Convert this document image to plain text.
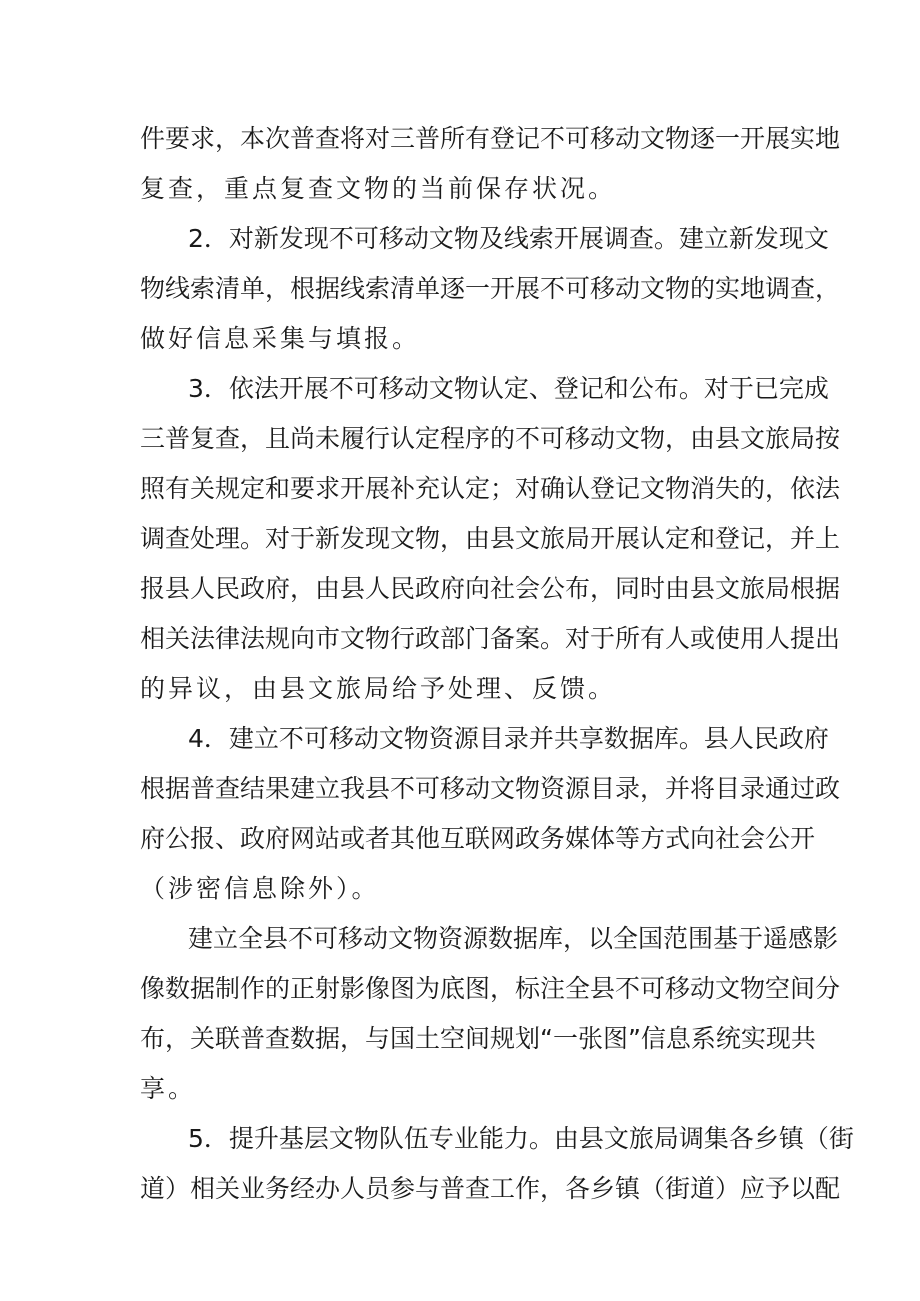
件要求，本次普查将对三普所有登记不可移动文物逐一开展实地
复查，重点复查文物的当前保存状况。
2．对新发现不可移动文物及线索开展调查。建立新发现文
物线索清单，根据线索清单逐一开展不可移动文物的实地调查，
做好信息采集与填报。
3．依法开展不可移动文物认定、登记和公布。对于已完成
三普复查，且尚未履行认定程序的不可移动文物，由县文旅局按
照有关规定和要求开展补充认定；对确认登记文物消失的，依法
调查处理。对于新发现文物，由县文旅局开展认定和登记，并上
报县人民政府，由县人民政府向社会公布，同时由县文旅局根据
相关法律法规向市文物行政部门备案。对于所有人或使用人提出
的异议，由县文旅局给予处理、反馈。
4．建立不可移动文物资源目录并共享数据库。县人民政府
根据普查结果建立我县不可移动文物资源目录，并将目录通过政
府公报、政府网站或者其他互联网政务媒体等方式向社会公开
（涉密信息除外）。
建立全县不可移动文物资源数据库，以全国范围基于遥感影
像数据制作的正射影像图为底图，标注全县不可移动文物空间分
布，关联普查数据，与国土空间规划“一张图”信息系统实现共
享。
5．提升基层文物队伍专业能力。由县文旅局调集各乡镇（街
道）相关业务经办人员参与普查工作，各乡镇（街道）应予以配
